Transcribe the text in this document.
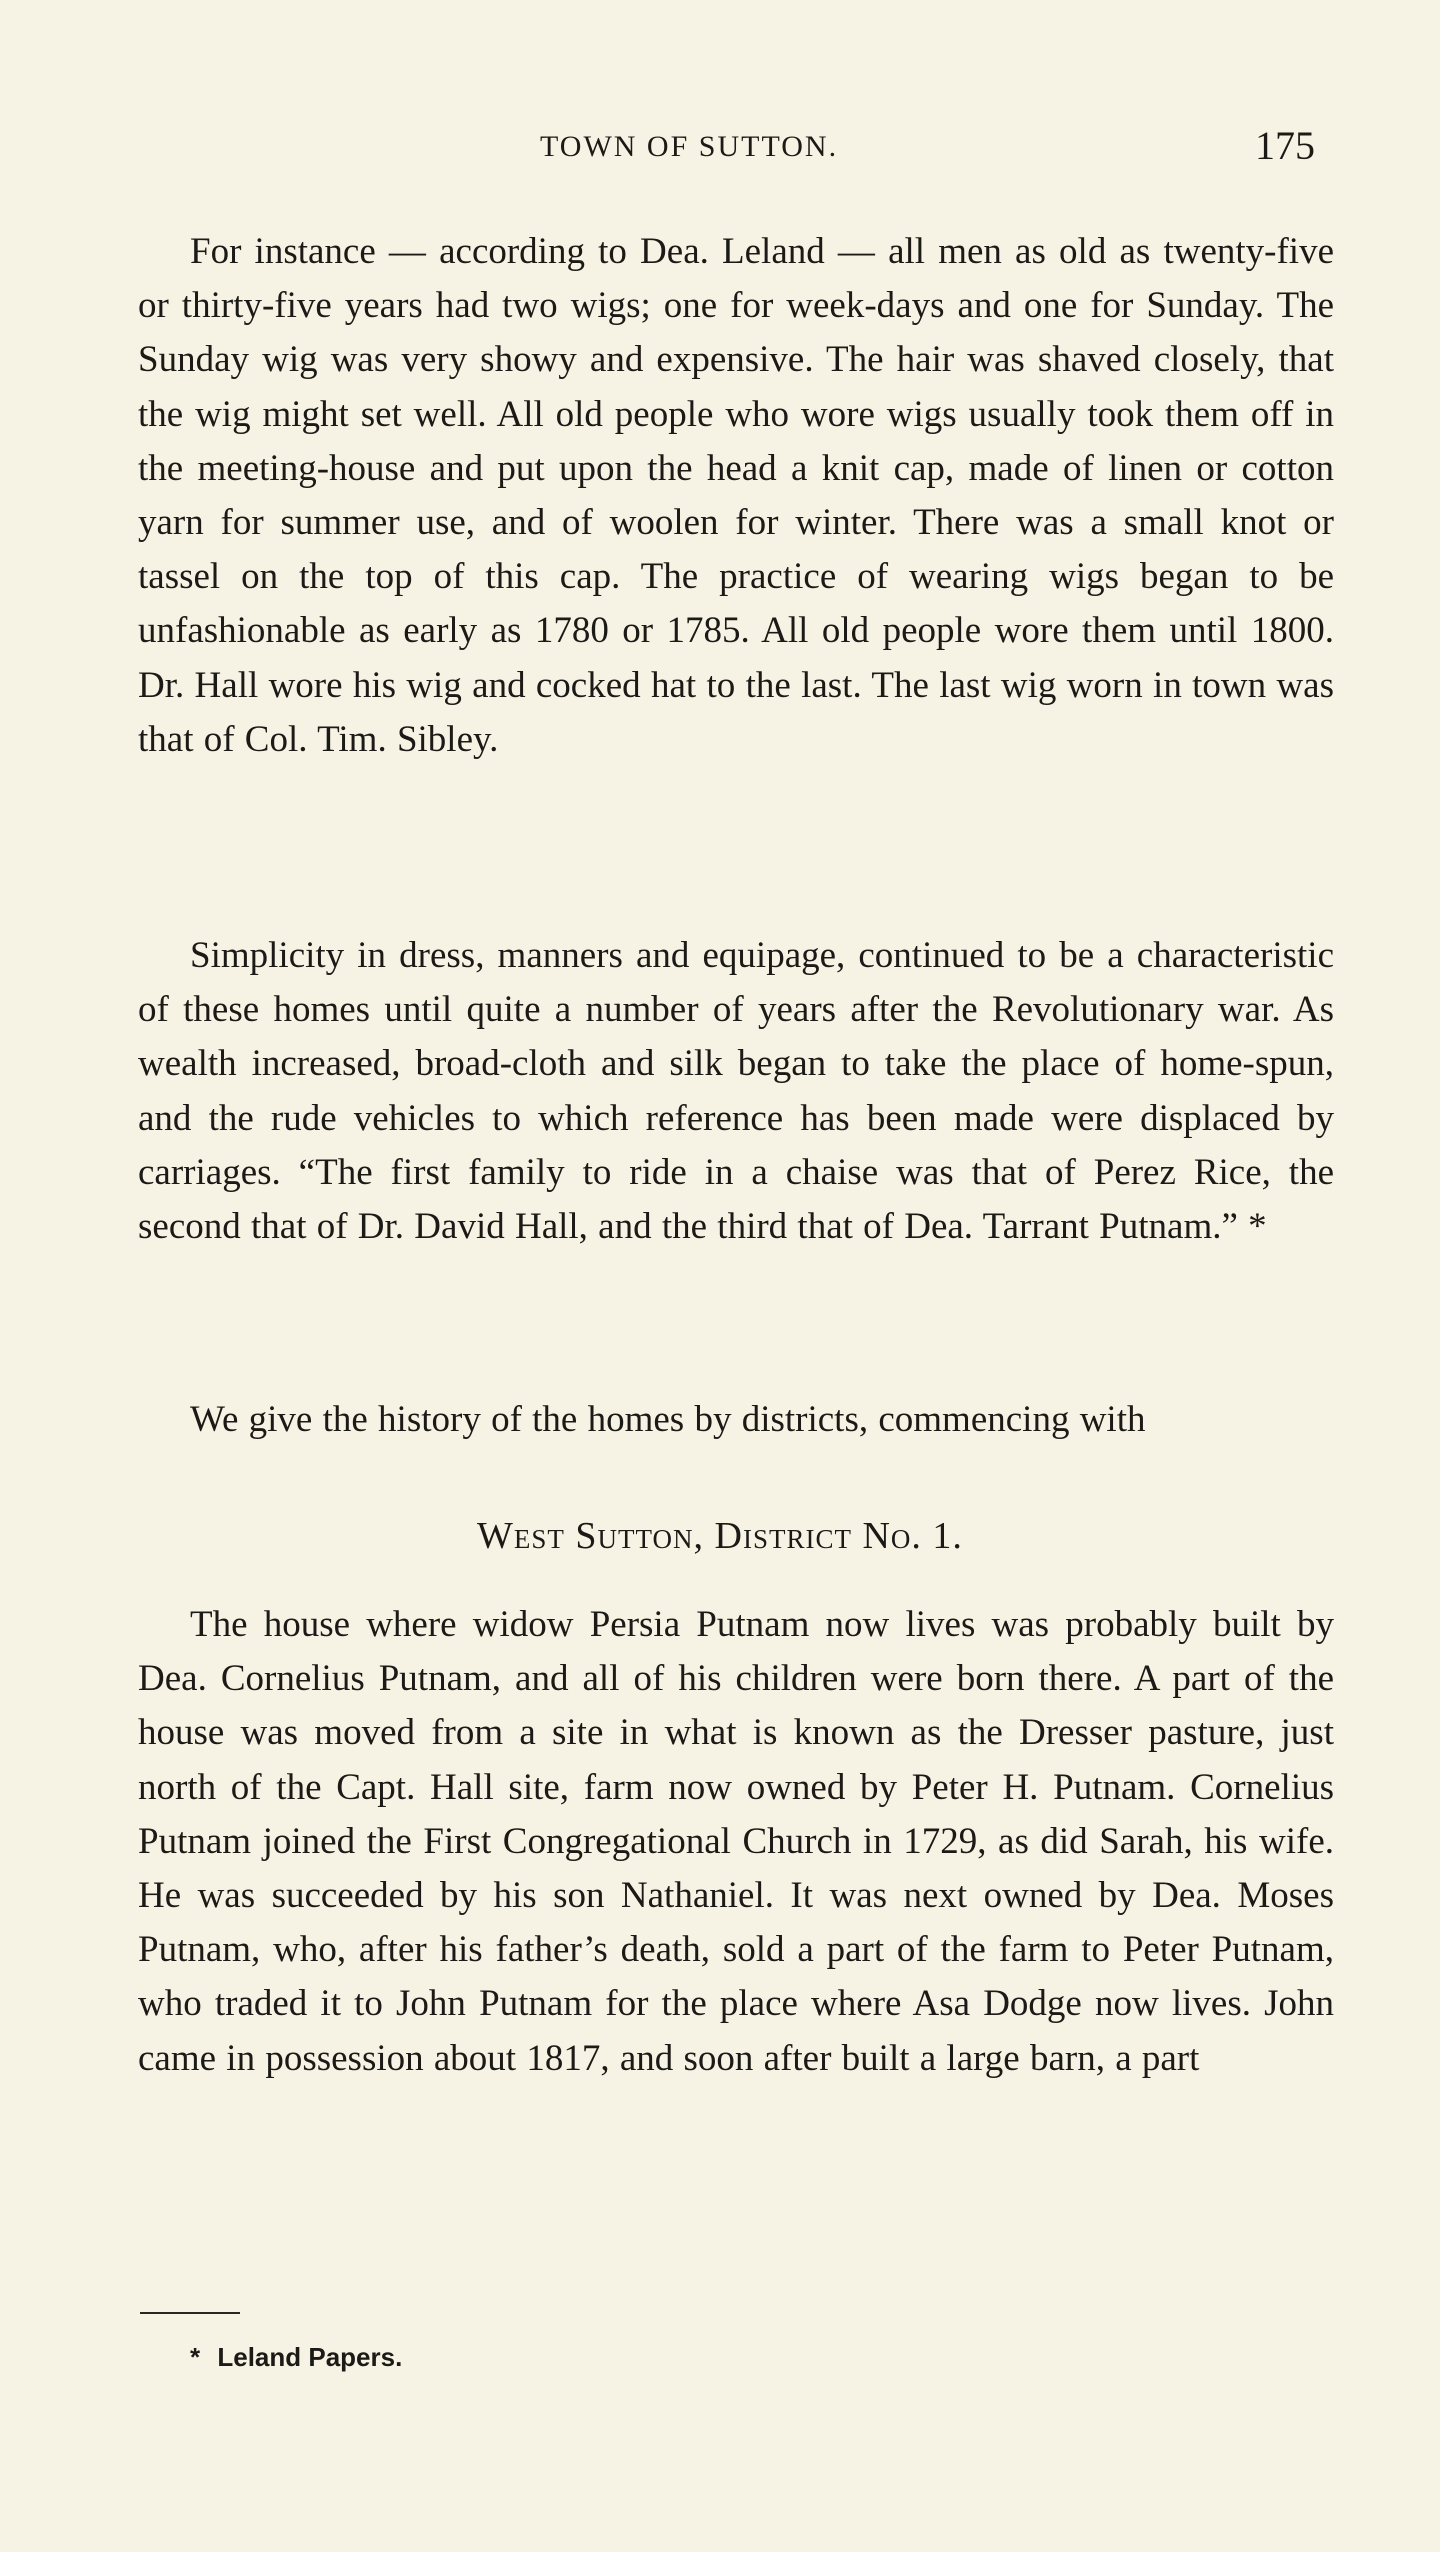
TOWN OF SUTTON.	175

For instance — according to Dea. Leland — all men as old as twenty-five or thirty-five years had two wigs; one for week-days and one for Sunday. The Sunday wig was very showy and expensive. The hair was shaved closely, that the wig might set well. All old people who wore wigs usually took them off in the meeting-house and put upon the head a knit cap, made of linen or cotton yarn for summer use, and of woolen for winter. There was a small knot or tassel on the top of this cap. The practice of wearing wigs began to be unfashionable as early as 1780 or 1785. All old people wore them until 1800. Dr. Hall wore his wig and cocked hat to the last. The last wig worn in town was that of Col. Tim. Sibley.

Simplicity in dress, manners and equipage, continued to be a characteristic of these homes until quite a number of years after the Revolutionary war. As wealth increased, broad-cloth and silk began to take the place of home-spun, and the rude vehicles to which reference has been made were displaced by carriages. “The first family to ride in a chaise was that of Perez Rice, the second that of Dr. David Hall, and the third that of Dea. Tarrant Putnam.” *

We give the history of the homes by districts, commencing with

West Sutton, District No. 1.

The house where widow Persia Putnam now lives was probably built by Dea. Cornelius Putnam, and all of his children were born there. A part of the house was moved from a site in what is known as the Dresser pasture, just north of the Capt. Hall site, farm now owned by Peter H. Putnam. Cornelius Putnam joined the First Congregational Church in 1729, as did Sarah, his wife. He was succeeded by his son Nathaniel. It was next owned by Dea. Moses Putnam, who, after his father’s death, sold a part of the farm to Peter Putnam, who traded it to John Putnam for the place where Asa Dodge now lives. John came in possession about 1817, and soon after built a large barn, a part

* Leland Papers.
